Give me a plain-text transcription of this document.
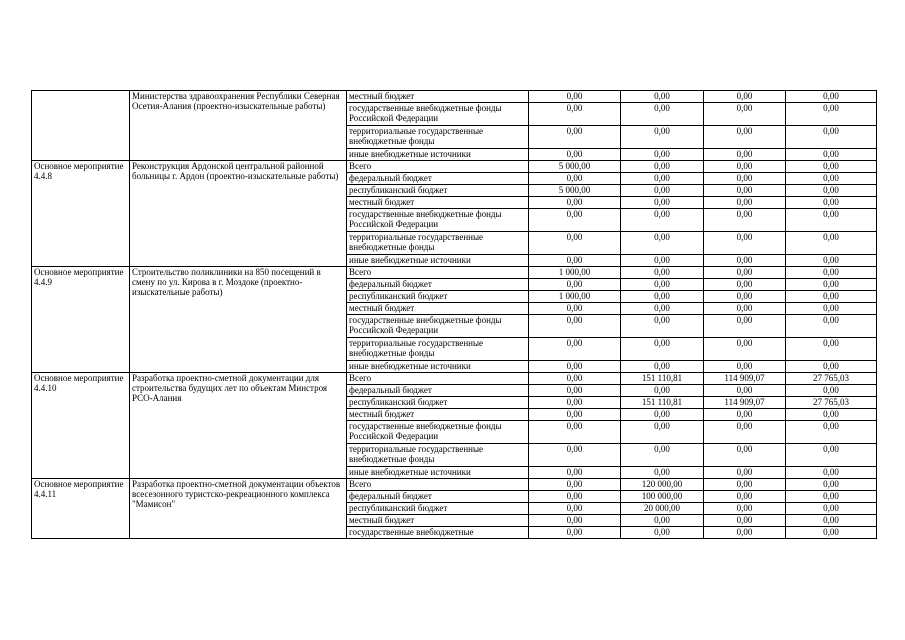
	Министерства здравоохранения Республики Северная Осетия-Алания (проектно-изыскательные работы)	местный бюджет	0,00	0,00	0,00	0,00
		государственные внебюджетные фонды Российской Федерации	0,00	0,00	0,00	0,00
		территориальные государственные внебюджетные фонды	0,00	0,00	0,00	0,00
		иные внебюджетные источники	0,00	0,00	0,00	0,00
Основное мероприятие 4.4.8	Реконструкция Ардонской центральной районной больницы г. Ардон (проектно-изыскательные работы)	Всего	5 000,00	0,00	0,00	0,00
		федеральный бюджет	0,00	0,00	0,00	0,00
		республиканский бюджет	5 000,00	0,00	0,00	0,00
		местный бюджет	0,00	0,00	0,00	0,00
		государственные внебюджетные фонды Российской Федерации	0,00	0,00	0,00	0,00
		территориальные государственные внебюджетные фонды	0,00	0,00	0,00	0,00
		иные внебюджетные источники	0,00	0,00	0,00	0,00
Основное мероприятие 4.4.9	Строительство поликлиники на 850 посещений в смену по ул. Кирова в г. Моздоке (проектно-изыскательные работы)	Всего	1 000,00	0,00	0,00	0,00
		федеральный бюджет	0,00	0,00	0,00	0,00
		республиканский бюджет	1 000,00	0,00	0,00	0,00
		местный бюджет	0,00	0,00	0,00	0,00
		государственные внебюджетные фонды Российской Федерации	0,00	0,00	0,00	0,00
		территориальные государственные внебюджетные фонды	0,00	0,00	0,00	0,00
		иные внебюджетные источники	0,00	0,00	0,00	0,00
Основное мероприятие 4.4.10	Разработка проектно-сметной документации для строительства будущих лет по объектам Минстроя РСО-Алания	Всего	0,00	151 110,81	114 909,07	27 765,03
		федеральный бюджет	0,00	0,00	0,00	0,00
		республиканский бюджет	0,00	151 110,81	114 909,07	27 765,03
		местный бюджет	0,00	0,00	0,00	0,00
		государственные внебюджетные фонды Российской Федерации	0,00	0,00	0,00	0,00
		территориальные государственные внебюджетные фонды	0,00	0,00	0,00	0,00
		иные внебюджетные источники	0,00	0,00	0,00	0,00
Основное мероприятие 4.4.11	Разработка проектно-сметной документации объектов всесезонного туристско-рекреационного комплекса "Мамисон"	Всего	0,00	120 000,00	0,00	0,00
		федеральный бюджет	0,00	100 000,00	0,00	0,00
		республиканский бюджет	0,00	20 000,00	0,00	0,00
		местный бюджет	0,00	0,00	0,00	0,00
		государственные внебюджетные	0,00	0,00	0,00	0,00
